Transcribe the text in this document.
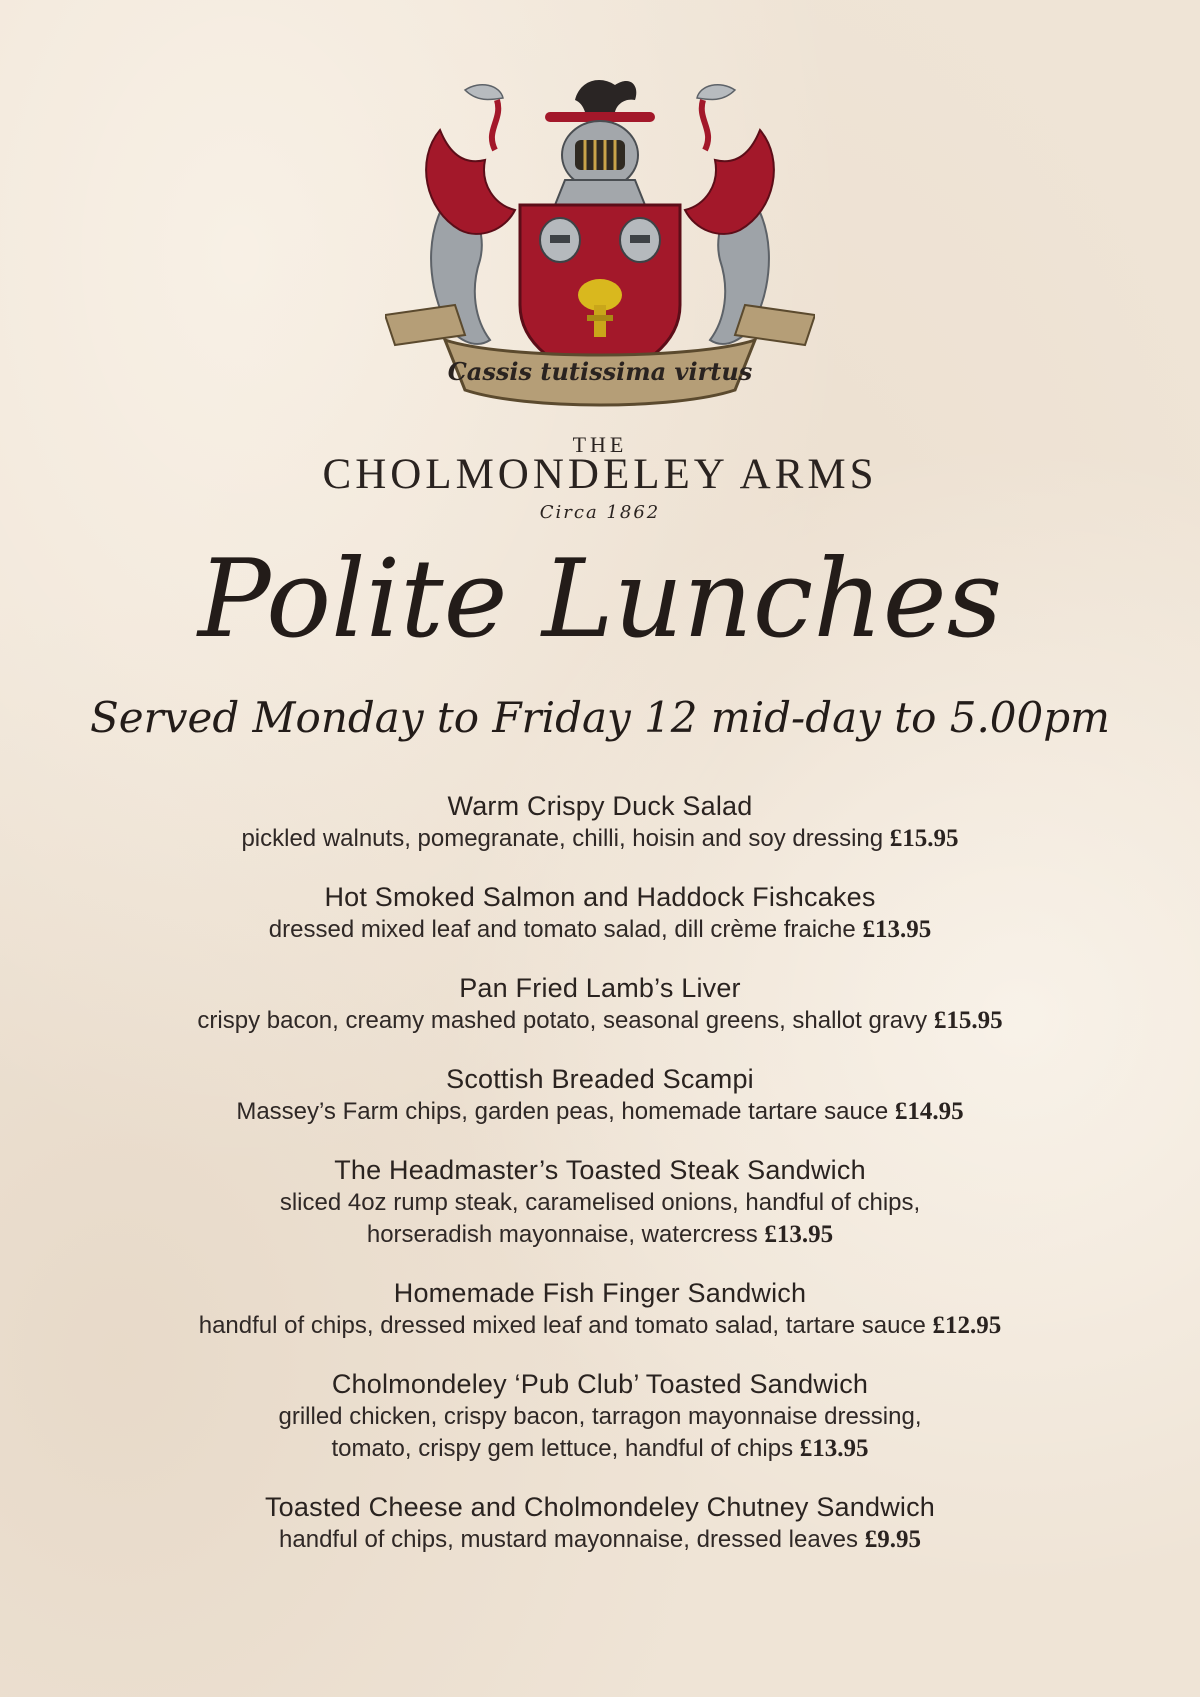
Cassis tutissima virtus
THE
CHOLMONDELEY ARMS
Circa 1862
Polite Lunches
Served Monday to Friday 12 mid-day to 5.00pm
Warm Crispy Duck Salad
pickled walnuts, pomegranate, chilli, hoisin and soy dressing £15.95
Hot Smoked Salmon and Haddock Fishcakes
dressed mixed leaf and tomato salad, dill crème fraiche £13.95
Pan Fried Lamb’s Liver
crispy bacon, creamy mashed potato, seasonal greens, shallot gravy £15.95
Scottish Breaded Scampi
Massey’s Farm chips, garden peas, homemade tartare sauce £14.95
The Headmaster’s Toasted Steak Sandwich
sliced 4oz rump steak, caramelised onions, handful of chips,
horseradish mayonnaise, watercress £13.95
Homemade Fish Finger Sandwich
handful of chips, dressed mixed leaf and tomato salad, tartare sauce £12.95
Cholmondeley ‘Pub Club’ Toasted Sandwich
grilled chicken, crispy bacon, tarragon mayonnaise dressing,
tomato, crispy gem lettuce, handful of chips £13.95
Toasted Cheese and Cholmondeley Chutney Sandwich
handful of chips, mustard mayonnaise, dressed leaves £9.95
